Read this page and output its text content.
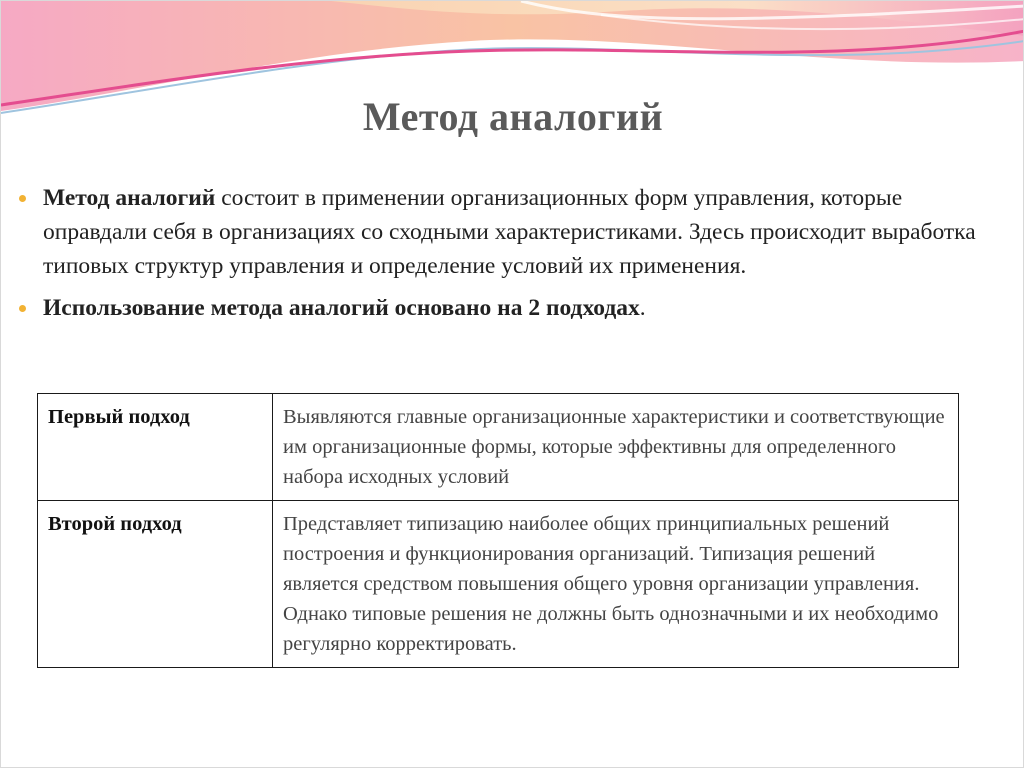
Метод аналогий
Метод аналогий состоит в применении организационных форм управления, которые оправдали себя в организациях со сходными характеристиками. Здесь происходит выработка типовых структур управления и определение условий их применения.
Использование метода аналогий основано на 2 подходах.
Первый подход	Выявляются главные организационные характеристики и соответствующие им организационные формы, которые эффективны для определенного набора исходных условий
Второй подход	Представляет типизацию наиболее общих принципиальных решений построения и функционирования организаций. Типизация решений является средством повышения общего уровня организации управления. Однако типовые решения не должны быть однозначными и их необходимо регулярно корректировать.
